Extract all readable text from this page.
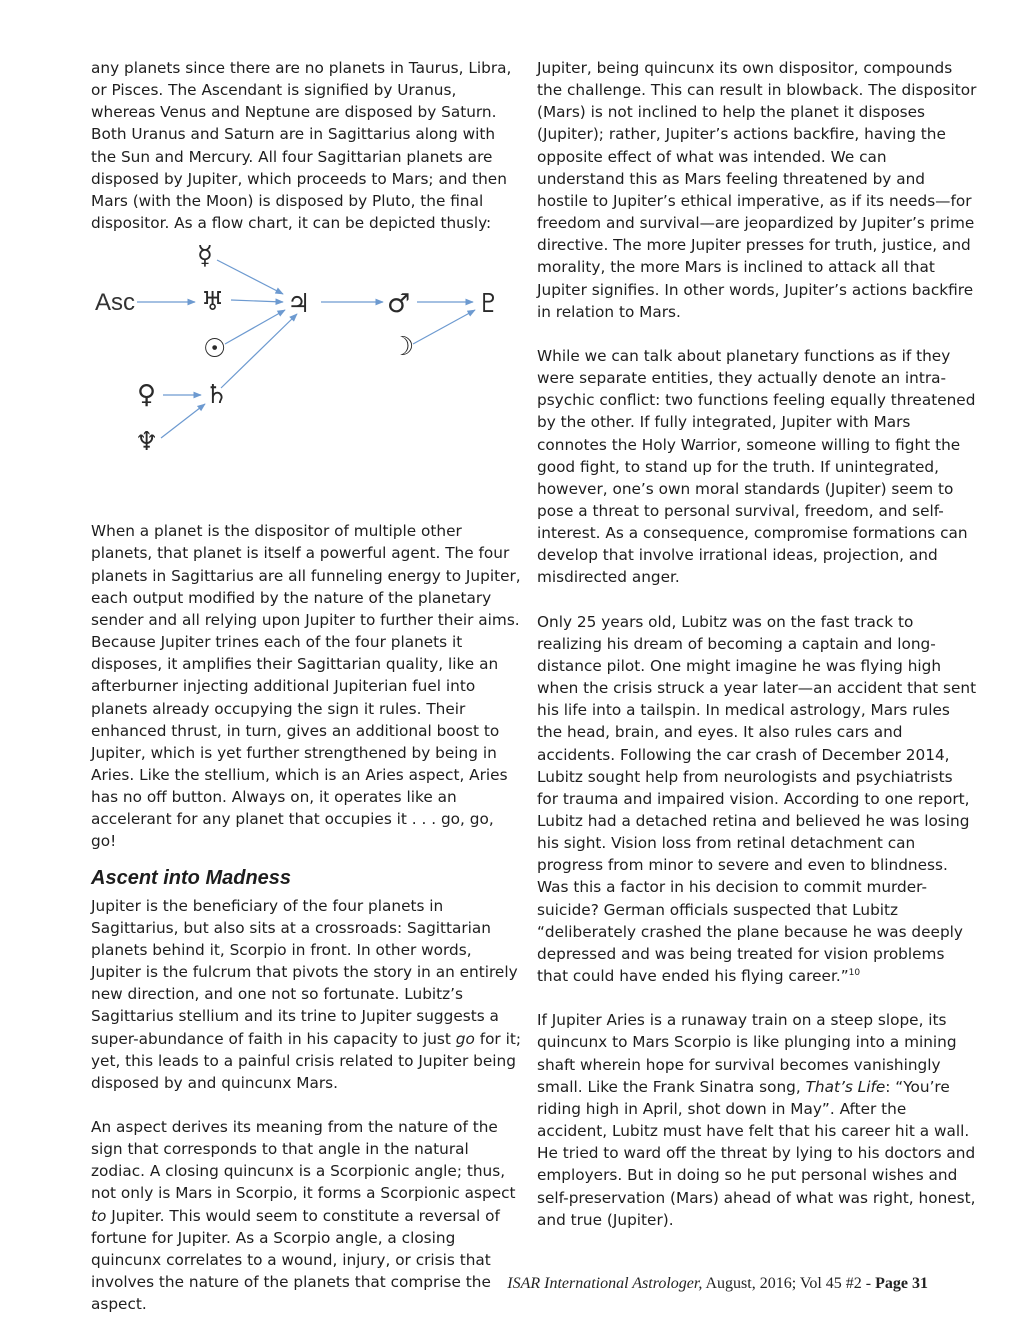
any planets since there are no planets in Taurus, Libra, or Pisces. The Ascendant is signified by Uranus, whereas Venus and Neptune are disposed by Saturn. Both Uranus and Saturn are in Sagittarius along with the Sun and Mercury. All four Sagittarian planets are disposed by Jupiter, which proceeds to Mars; and then Mars (with the Moon) is disposed by Pluto, the final dispositor. As a flow chart, it can be depicted thusly:

Asc
☿
♅
☉
♀ ♄
♆
♃	♂
☽
♇

When a planet is the dispositor of multiple other planets, that planet is itself a powerful agent. The four planets in Sagittarius are all funneling energy to Jupiter, each output modified by the nature of the planetary sender and all relying upon Jupiter to further their aims. Because Jupiter trines each of the four planets it disposes, it amplifies their Sagittarian quality, like an afterburner injecting additional Jupiterian fuel into planets already occupying the sign it rules. Their enhanced thrust, in turn, gives an additional boost to Jupiter, which is yet further strengthened by being in Aries. Like the stellium, which is an Aries aspect, Aries has no off button. Always on, it operates like an accelerant for any planet that occupies it . . . go, go, go!

Ascent into Madness

Jupiter is the beneficiary of the four planets in Sagittarius, but also sits at a crossroads: Sagittarian planets behind it, Scorpio in front. In other words, Jupiter is the fulcrum that pivots the story in an entirely new direction, and one not so fortunate. Lubitz’s Sagittarius stellium and its trine to Jupiter suggests a super-abundance of faith in his capacity to just go for it; yet, this leads to a painful crisis related to Jupiter being disposed by and quincunx Mars.

An aspect derives its meaning from the nature of the sign that corresponds to that angle in the natural zodiac. A closing quincunx is a Scorpionic angle; thus, not only is Mars in Scorpio, it forms a Scorpionic aspect to Jupiter. This would seem to constitute a reversal of fortune for Jupiter. As a Scorpio angle, a closing quincunx correlates to a wound, injury, or crisis that involves the nature of the planets that comprise the aspect.

Jupiter, being quincunx its own dispositor, compounds the challenge. This can result in blowback. The dispositor (Mars) is not inclined to help the planet it disposes (Jupiter); rather, Jupiter’s actions backfire, having the opposite effect of what was intended. We can understand this as Mars feeling threatened by and hostile to Jupiter’s ethical imperative, as if its needs—for freedom and survival—are jeopardized by Jupiter’s prime directive. The more Jupiter presses for truth, justice, and morality, the more Mars is inclined to attack all that Jupiter signifies. In other words, Jupiter’s actions backfire in relation to Mars.

While we can talk about planetary functions as if they were separate entities, they actually denote an intra-psychic conflict: two functions feeling equally threatened by the other. If fully integrated, Jupiter with Mars connotes the Holy Warrior, someone willing to fight the good fight, to stand up for the truth. If unintegrated, however, one’s own moral standards (Jupiter) seem to pose a threat to personal survival, freedom, and self-interest. As a consequence, compromise formations can develop that involve irrational ideas, projection, and misdirected anger.

Only 25 years old, Lubitz was on the fast track to realizing his dream of becoming a captain and long-distance pilot. One might imagine he was flying high when the crisis struck a year later—an accident that sent his life into a tailspin. In medical astrology, Mars rules the head, brain, and eyes. It also rules cars and accidents. Following the car crash of December 2014, Lubitz sought help from neurologists and psychiatrists for trauma and impaired vision. According to one report, Lubitz had a detached retina and believed he was losing his sight. Vision loss from retinal detachment can progress from minor to severe and even to blindness. Was this a factor in his decision to commit murder-suicide? German officials suspected that Lubitz “deliberately crashed the plane because he was deeply depressed and was being treated for vision problems that could have ended his flying career.”$^{10}$

If Jupiter Aries is a runaway train on a steep slope, its quincunx to Mars Scorpio is like plunging into a mining shaft wherein hope for survival becomes vanishingly small. Like the Frank Sinatra song, That’s Life: “You’re riding high in April, shot down in May”. After the accident, Lubitz must have felt that his career hit a wall. He tried to ward off the threat by lying to his doctors and employers. But in doing so he put personal wishes and self-preservation (Mars) ahead of what was right, honest, and true (Jupiter).

ISAR International Astrologer, August, 2016; Vol 45 #2 - Page 31
